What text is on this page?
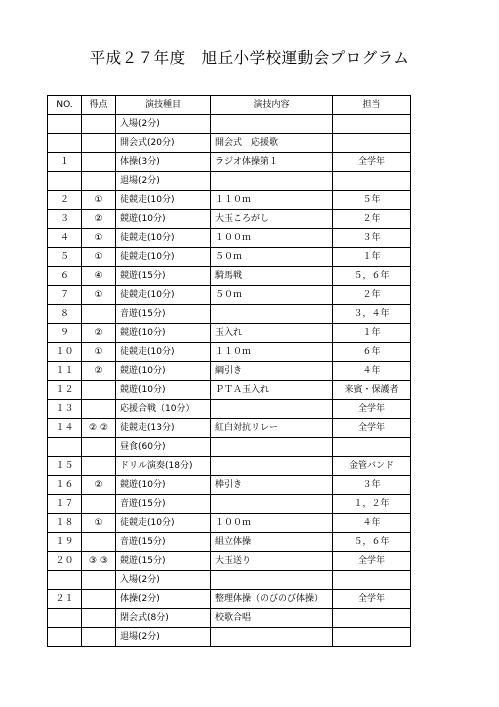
平成２７年度　旭丘小学校運動会プログラム
NO.	得点	演技種目	演技内容	担当
		入場(2分)		
		開会式(20分)	開会式　応援歌	
１		体操(3分)	ラジオ体操第１	全学年
		退場(2分)		
２	①	徒競走(10分)	１１０ｍ	５年
３	②	競遊(10分)	大玉ころがし	２年
４	①	徒競走(10分)	１００ｍ	３年
５	①	徒競走(10分)	５０ｍ	１年
６	④	競遊(15分)	騎馬戦	５，６年
７	①	徒競走(10分)	５０ｍ	２年
８		音遊(15分)		３，４年
９	②	競遊(10分)	玉入れ	１年
１０	①	徒競走(10分)	１１０ｍ	６年
１１	②	競遊(10分)	綱引き	４年
１２		競遊(10分)	ＰＴＡ玉入れ	来賓・保護者
１３		応援合戦（10分）		全学年
１４	② ②	徒競走(13分)	紅白対抗リレー	全学年
		昼食(60分)		
１５		ドリル演奏(18分)		金管バンド
１６	②	競遊(10分)	棒引き	３年
１７		音遊(15分)		１，２年
１８	①	徒競走(10分)	１００ｍ	４年
１９		音遊(15分)	組立体操	５，６年
２０	③ ③	競遊(15分)	大玉送り	全学年
		入場(2分)		
２１		体操(2分)	整理体操（のびのび体操）	全学年
		閉会式(8分)	校歌合唱	
		退場(2分)		
